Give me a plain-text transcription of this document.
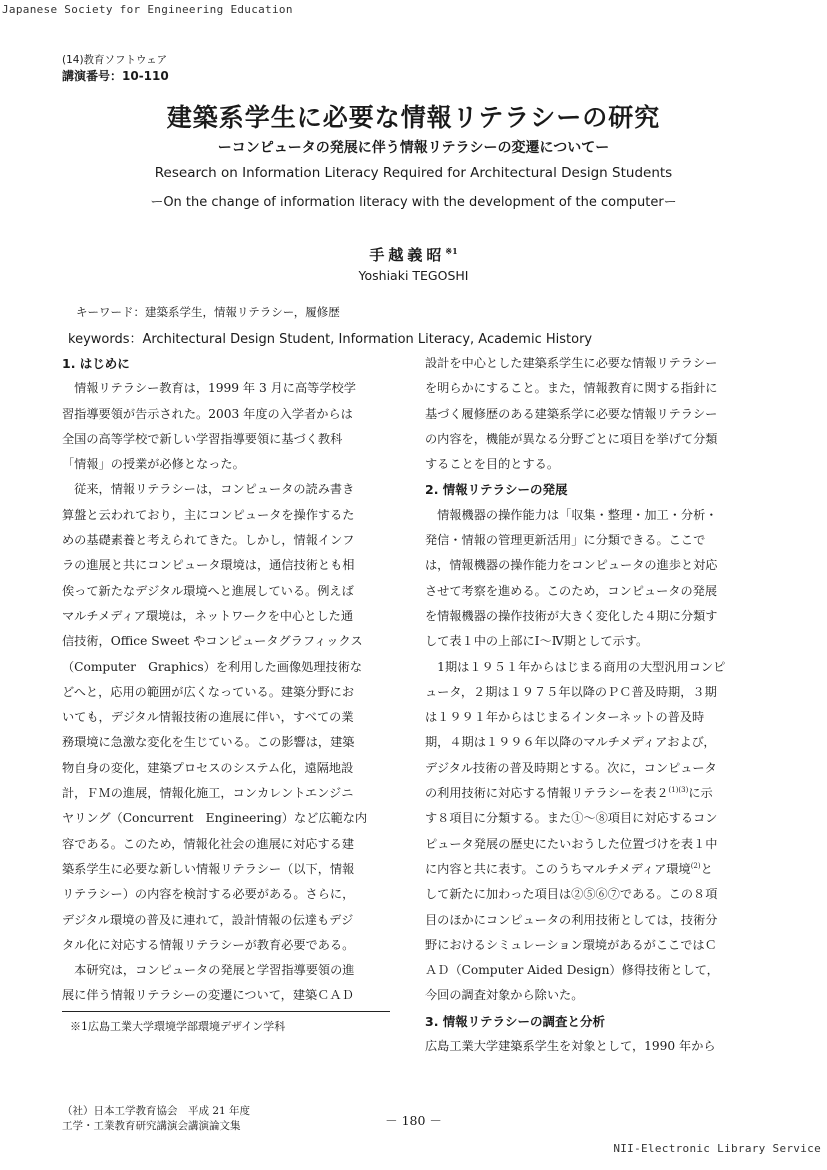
Japanese Society for Engineering Education
(14)教育ソフトウェア
講演番号：10-110
建築系学生に必要な情報リテラシーの研究
ーコンピュータの発展に伴う情報リテラシーの変遷についてー
Research on Information Literacy Required for Architectural Design Students
ーOn the change of information literacy with the development of the computerー
手越義昭$^{※1}$
Yoshiaki TEGOSHI
キーワード：建築系学生，情報リテラシー，履修歴
keywords：Architectural Design Student, Information Literacy, Academic History
1. はじめに
　情報リテラシー教育は，1999 年 3 月に高等学校学
習指導要領が告示された。2003 年度の入学者からは
全国の高等学校で新しい学習指導要領に基づく教科
「情報」の授業が必修となった。
　従来，情報リテラシーは，コンピュータの読み書き
算盤と云われており，主にコンピュータを操作するた
めの基礎素養と考えられてきた。しかし，情報インフ
ラの進展と共にコンピュータ環境は，通信技術とも相
俟って新たなデジタル環境へと進展している。例えば
マルチメディア環境は，ネットワークを中心とした通
信技術，Office Sweet やコンピュータグラフィックス
（Computer　Graphics）を利用した画像処理技術な
どへと，応用の範囲が広くなっている。建築分野にお
いても，デジタル情報技術の進展に伴い，すべての業
務環境に急激な変化を生じている。この影響は，建築
物自身の変化，建築プロセスのシステム化，遠隔地設
計，ＦＭの進展，情報化施工，コンカレントエンジニ
ヤリング（Concurrent　Engineering）など広範な内
容である。このため，情報化社会の進展に対応する建
築系学生に必要な新しい情報リテラシー（以下，情報
リテラシー）の内容を検討する必要がある。さらに，
デジタル環境の普及に連れて，設計情報の伝達もデジ
タル化に対応する情報リテラシーが教育必要である。
　本研究は，コンピュータの発展と学習指導要領の進
展に伴う情報リテラシーの変遷について，建築ＣＡＤ
設計を中心とした建築系学生に必要な情報リテラシー
を明らかにすること。また，情報教育に関する指針に
基づく履修歴のある建築系学に必要な情報リテラシー
の内容を，機能が異なる分野ごとに項目を挙げて分類
することを目的とする。
2. 情報リテラシーの発展
　情報機器の操作能力は「収集・整理・加工・分析・
発信・情報の管理更新活用」に分類できる。ここで
は，情報機器の操作能力をコンピュータの進歩と対応
させて考察を進める。このため，コンピュータの発展
を情報機器の操作技術が大きく変化した４期に分類す
して表１中の上部にⅠ～Ⅳ期として示す。
　1期は１９５１年からはじまる商用の大型汎用コンピ
ュータ，２期は１９７５年以降のＰＣ普及時期，３期
は１９９１年からはじまるインターネットの普及時
期，４期は１９９６年以降のマルチメディアおよび，
デジタル技術の普及時期とする。次に，コンピュータ
の利用技術に対応する情報リテラシーを表$2^{(1)(3)}$に示
す８項目に分類する。また①～⑧項目に対応するコン
ピュータ発展の歴史にたいおうした位置づけを表１中
に内容と共に表す。このうちマルチメディア環境$^{(2)}$と
して新たに加わった項目は②⑤⑥⑦である。この８項
目のほかにコンピュータの利用技術としては，技術分
野におけるシミュレーション環境があるがここではＣ
ＡＤ（Computer Aided Design）修得技術として，
今回の調査対象から除いた。
3. 情報リテラシーの調査と分析
広島工業大学建築系学生を対象として，1990 年から
※1広島工業大学環境学部環境デザイン学科
（社）日本工学教育協会　平成 21 年度
工学・工業教育研究講演会講演論文集	－ 180 －
NII-Electronic Library Service
